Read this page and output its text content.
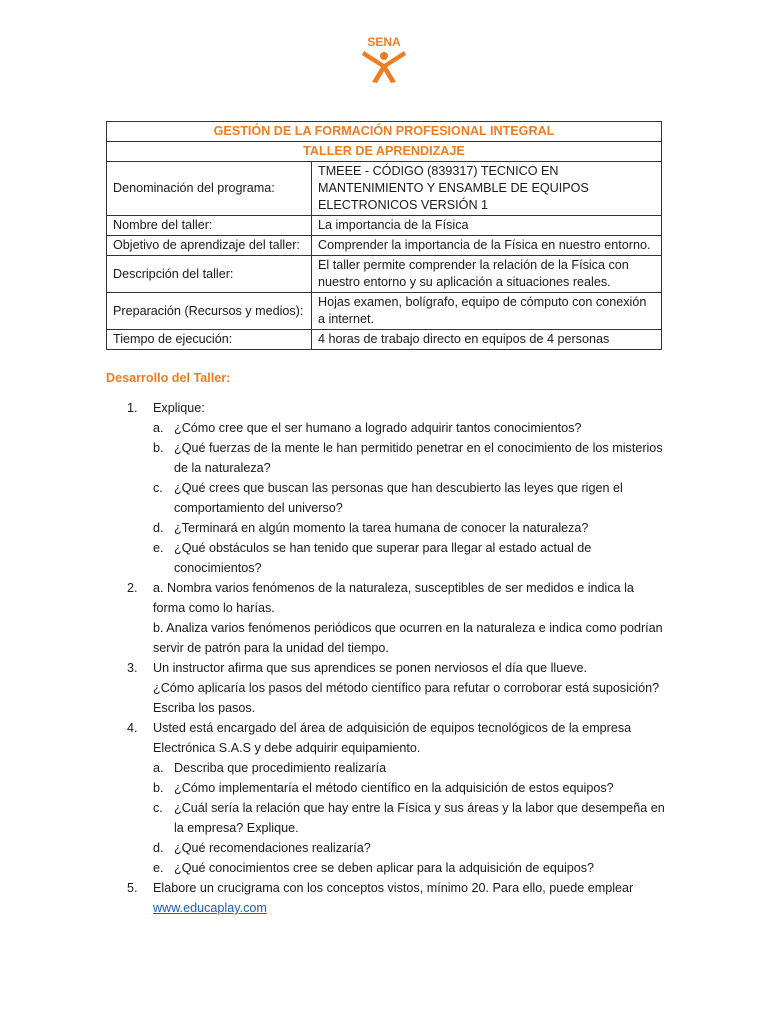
SENA
GESTIÓN DE LA FORMACIÓN PROFESIONAL INTEGRAL	
TALLER DE APRENDIZAJE	
Denominación del programa:	TMEEE - CÓDIGO (839317) TECNICO EN MANTENIMIENTO Y ENSAMBLE DE EQUIPOS ELECTRONICOS VERSIÓN 1
Nombre del taller:	La importancia de la Física
Objetivo de aprendizaje del taller:	Comprender la importancia de la Física en nuestro entorno.
Descripción del taller:	El taller permite comprender la relación de la Física con nuestro entorno y su aplicación a situaciones reales.
Preparación (Recursos y medios):	Hojas examen, bolígrafo, equipo de cómputo con conexión a internet.
Tiempo de ejecución:	4 horas de trabajo directo en equipos de 4 personas
Desarrollo del Taller:
1. Explique:
a. ¿Cómo cree que el ser humano a logrado adquirir tantos conocimientos?
b. ¿Qué fuerzas de la mente le han permitido penetrar en el conocimiento de los misterios de la naturaleza?
c. ¿Qué crees que buscan las personas que han descubierto las leyes que rigen el comportamiento del universo?
d. ¿Terminará en algún momento la tarea humana de conocer la naturaleza?
e. ¿Qué obstáculos se han tenido que superar para llegar al estado actual de conocimientos?
2. a. Nombra varios fenómenos de la naturaleza, susceptibles de ser medidos e indica la forma como lo harías.
b. Analiza varios fenómenos periódicos que ocurren en la naturaleza e indica como podrían servir de patrón para la unidad del tiempo.
3. Un instructor afirma que sus aprendices se ponen nerviosos el día que llueve.
¿Cómo aplicaría los pasos del método científico para refutar o corroborar está suposición? Escriba los pasos.
4. Usted está encargado del área de adquisición de equipos tecnológicos de la empresa Electrónica S.A.S y debe adquirir equipamiento.
a. Describa que procedimiento realizaría
b. ¿Cómo implementaría el método científico en la adquisición de estos equipos?
c. ¿Cuál sería la relación que hay entre la Física y sus áreas y la labor que desempeña en la empresa? Explique.
d. ¿Qué recomendaciones realizaría?
e. ¿Qué conocimientos cree se deben aplicar para la adquisición de equipos?
5. Elabore un crucigrama con los conceptos vistos, mínimo 20. Para ello, puede emplear www.educaplay.com
